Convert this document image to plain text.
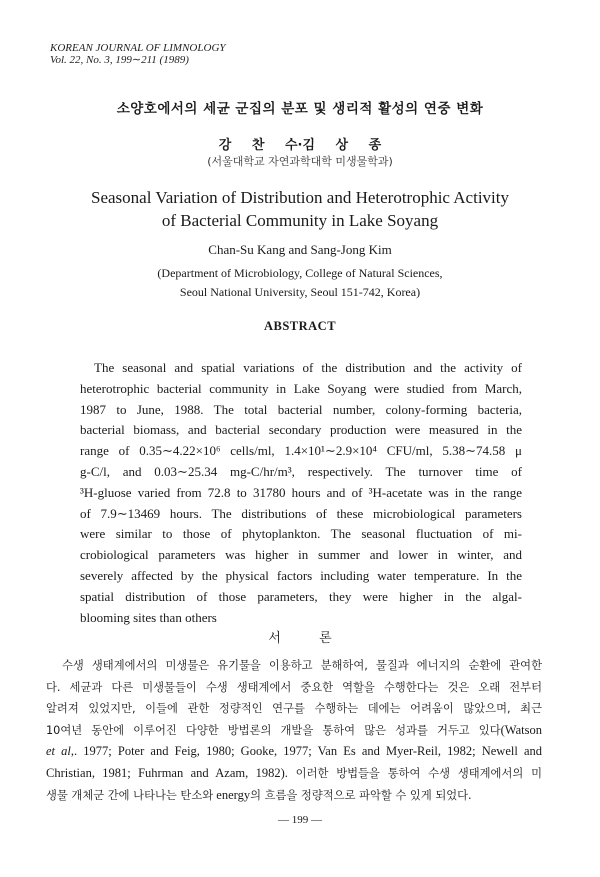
KOREAN JOURNAL OF LIMNOLOGY
Vol. 22, No. 3, 199∼211 (1989)
소양호에서의 세균 군집의 분포 및 생리적 활성의 연중 변화
강 찬 수·김 상 종
(서울대학교 자연과학대학 미생물학과)
Seasonal Variation of Distribution and Heterotrophic Activity
of Bacterial Community in Lake Soyang
Chan-Su Kang and Sang-Jong Kim
(Department of Microbiology, College of Natural Sciences,
Seoul National University, Seoul 151-742, Korea)
ABSTRACT
The seasonal and spatial variations of the distribution and the activity of
heterotrophic bacterial community in Lake Soyang were studied from March,
1987 to June, 1988. The total bacterial number, colony-forming bacteria,
bacterial biomass, and bacterial secondary production were measured in the
range of 0.35∼4.22×10⁶ cells/ml, 1.4×10¹∼2.9×10⁴ CFU/ml, 5.38∼74.58 μ
g-C/l, and 0.03∼25.34 mg-C/hr/m³, respectively. The turnover time of
³H-gluose varied from 72.8 to 31780 hours and of ³H-acetate was in the range
of 7.9∼13469 hours. The distributions of these microbiological parameters
were similar to those of phytoplankton. The seasonal fluctuation of mi-
crobiological parameters was higher in summer and lower in winter, and
severely affected by the physical factors including water temperature. In the
spatial distribution of those parameters, they were higher in the algal-
blooming sites than others
서 론
수생 생태계에서의 미생물은 유기물을 이용하고 분해하여, 물질과 에너지의 순환에 관여한
다. 세균과 다른 미생물들이 수생 생태계에서 중요한 역할을 수행한다는 것은 오래 전부터
알려져 있었지만, 이들에 관한 정량적인 연구를 수행하는 데에는 어려움이 많았으며, 최근
10여년 동안에 이루어진 다양한 방법론의 개발을 통하여 많은 성과를 거두고 있다(Watson
et al,. 1977; Poter and Feig, 1980; Gooke, 1977; Van Es and Myer-Reil, 1982; Newell and
Christian, 1981; Fuhrman and Azam, 1982). 이러한 방법들을 통하여 수생 생태계에서의 미
생물 개체군 간에 나타나는 탄소와 energy의 흐름을 정량적으로 파악할 수 있게 되었다.
— 199 —
